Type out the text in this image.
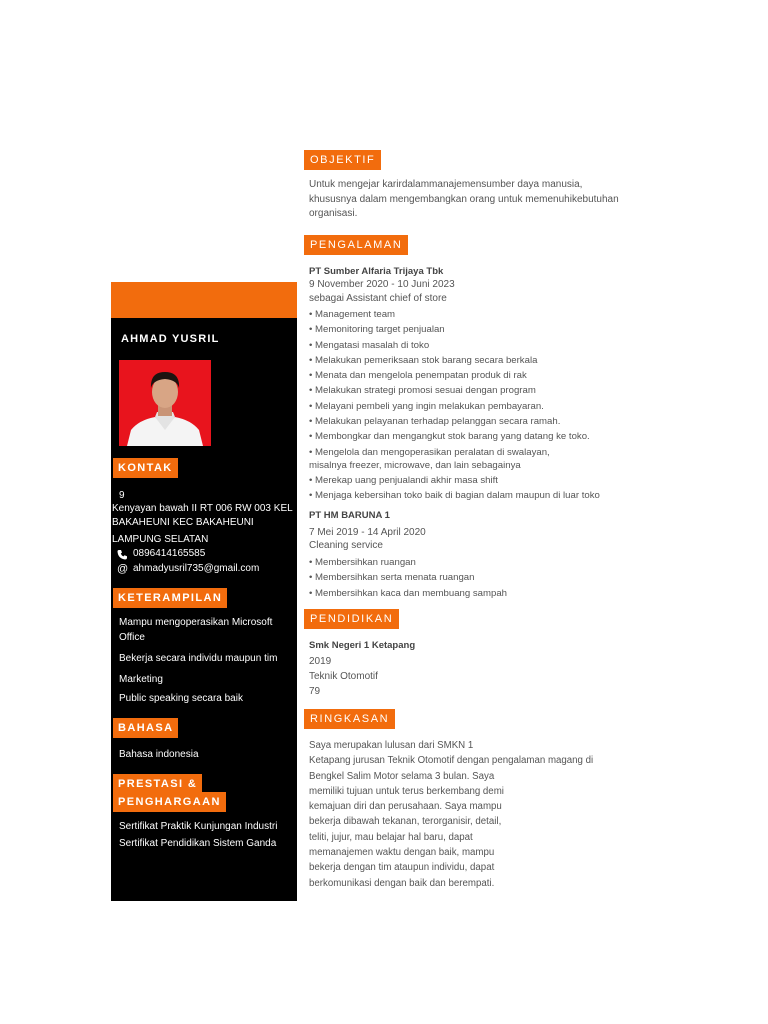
AHMAD YUSRIL
KONTAK
9
Kenyayan bawah II RT 006 RW 003 KEL
BAKAHEUNI KEC BAKAHEUNI
LAMPUNG SELATAN
0896414165585
@ ahmadyusril735@gmail.com
KETERAMPILAN
Mampu mengoperasikan Microsoft
Office
Bekerja secara individu maupun tim
Marketing
Public speaking secara baik
BAHASA
Bahasa indonesia
PRESTASI &
PENGHARGAAN
Sertifikat Praktik Kunjungan Industri
Sertifikat Pendidikan Sistem Ganda
OBJEKTIF
Untuk mengejar karirdalammanajemensumber daya manusia,
khususnya dalam mengembangkan orang untuk memenuhikebutuhan
organisasi.
PENGALAMAN
PT Sumber Alfaria Trijaya Tbk
9 November 2020 - 10 Juni 2023
sebagai Assistant chief of store
• Management team
• Memonitoring target penjualan
• Mengatasi masalah di toko
• Melakukan pemeriksaan stok barang secara berkala
• Menata dan mengelola penempatan produk di rak
• Melakukan strategi promosi sesuai dengan program
• Melayani pembeli yang ingin melakukan pembayaran.
• Melakukan pelayanan terhadap pelanggan secara ramah.
• Membongkar dan mengangkut stok barang yang datang ke toko.
• Mengelola dan mengoperasikan peralatan di swalayan,
misalnya freezer, microwave, dan lain sebagainya
• Merekap uang penjualandi akhir masa shift
• Menjaga kebersihan toko baik di bagian dalam maupun di luar toko
PT HM BARUNA 1
7 Mei 2019 - 14 April 2020
Cleaning service
• Membersihkan ruangan
• Membersihkan serta menata ruangan
• Membersihkan kaca dan membuang sampah
PENDIDIKAN
Smk Negeri 1 Ketapang
2019
Teknik Otomotif
79
RINGKASAN
Saya merupakan lulusan dari SMKN 1
Ketapang jurusan Teknik Otomotif dengan pengalaman magang di
Bengkel Salim Motor selama 3 bulan. Saya
memiliki tujuan untuk terus berkembang demi
kemajuan diri dan perusahaan. Saya mampu
bekerja dibawah tekanan, terorganisir, detail,
teliti, jujur, mau belajar hal baru, dapat
memanajemen waktu dengan baik, mampu
bekerja dengan tim ataupun individu, dapat
berkomunikasi dengan baik dan berempati.
